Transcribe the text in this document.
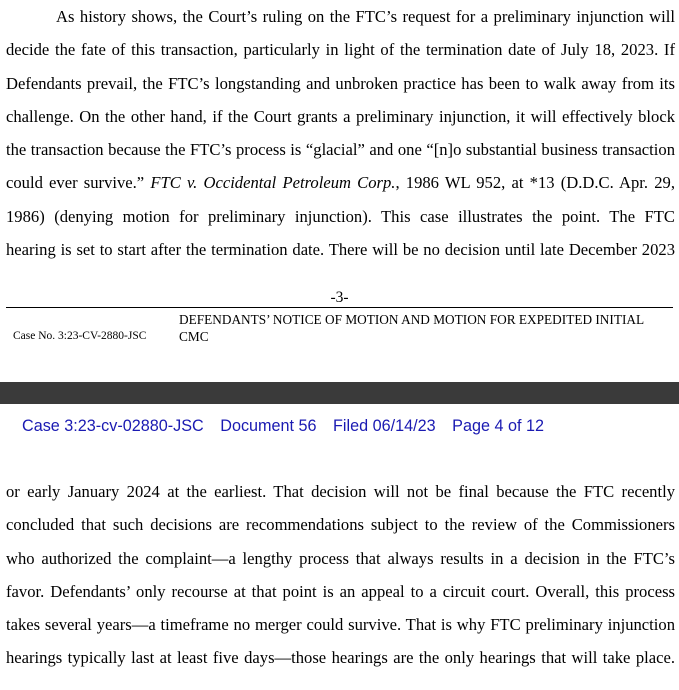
As history shows, the Court’s ruling on the FTC’s request for a preliminary injunction will

decide the fate of this transaction, particularly in light of the termination date of July 18, 2023. If

Defendants prevail, the FTC’s longstanding and unbroken practice has been to walk away from its

challenge. On the other hand, if the Court grants a preliminary injunction, it will effectively block

the transaction because the FTC’s process is “glacial” and one “[n]o substantial business transaction

could ever survive.” FTC v. Occidental Petroleum Corp., 1986 WL 952, at *13 (D.D.C. Apr. 29,

1986) (denying motion for preliminary injunction). This case illustrates the point. The FTC

hearing is set to start after the termination date. There will be no decision until late December 2023

-3-
Case No. 3:23-CV-2880-JSC
DEFENDANTS’ NOTICE OF MOTION AND MOTION FOR EXPEDITED INITIAL CMC
Case 3:23-cv-02880-JSC Document 56 Filed 06/14/23 Page 4 of 12

or early January 2024 at the earliest. That decision will not be final because the FTC recently

concluded that such decisions are recommendations subject to the review of the Commissioners

who authorized the complaint—a lengthy process that always results in a decision in the FTC’s

favor. Defendants’ only recourse at that point is an appeal to a circuit court. Overall, this process

takes several years—a timeframe no merger could survive. That is why FTC preliminary injunction

hearings typically last at least five days—those hearings are the only hearings that will take place.
